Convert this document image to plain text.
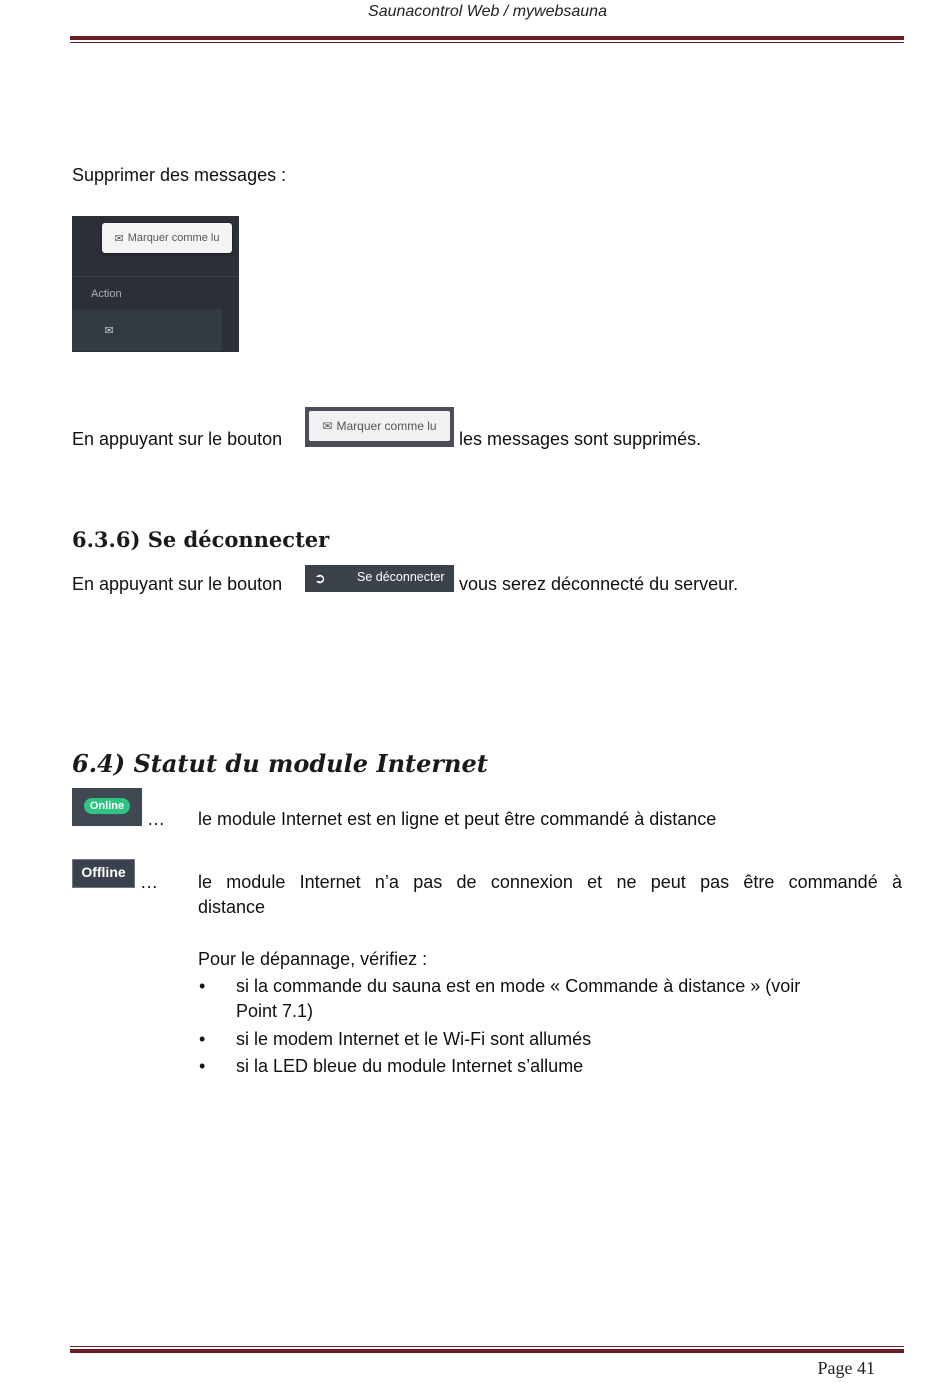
Saunacontrol Web / mywebsauna
Supprimer des messages :
✉ Marquer comme lu
Action
✉
En appuyant sur le bouton
✉ Marquer comme lu
les messages sont supprimés.
6.3.6) Se déconnecter
En appuyant sur le bouton ➲	Se déconnecter vous serez déconnecté du serveur.
6.4) Statut du module Internet
Online
… le module Internet est en ligne et peut être commandé à distance
Offline … le module Internet n’a pas de connexion et ne peut pas être commandé à
distance
Pour le dépannage, vérifiez :
• si la commande du sauna est en mode « Commande à distance » (voir
Point 7.1)
• si le modem Internet et le Wi-Fi sont allumés
• si la LED bleue du module Internet s’allume
Page 41
